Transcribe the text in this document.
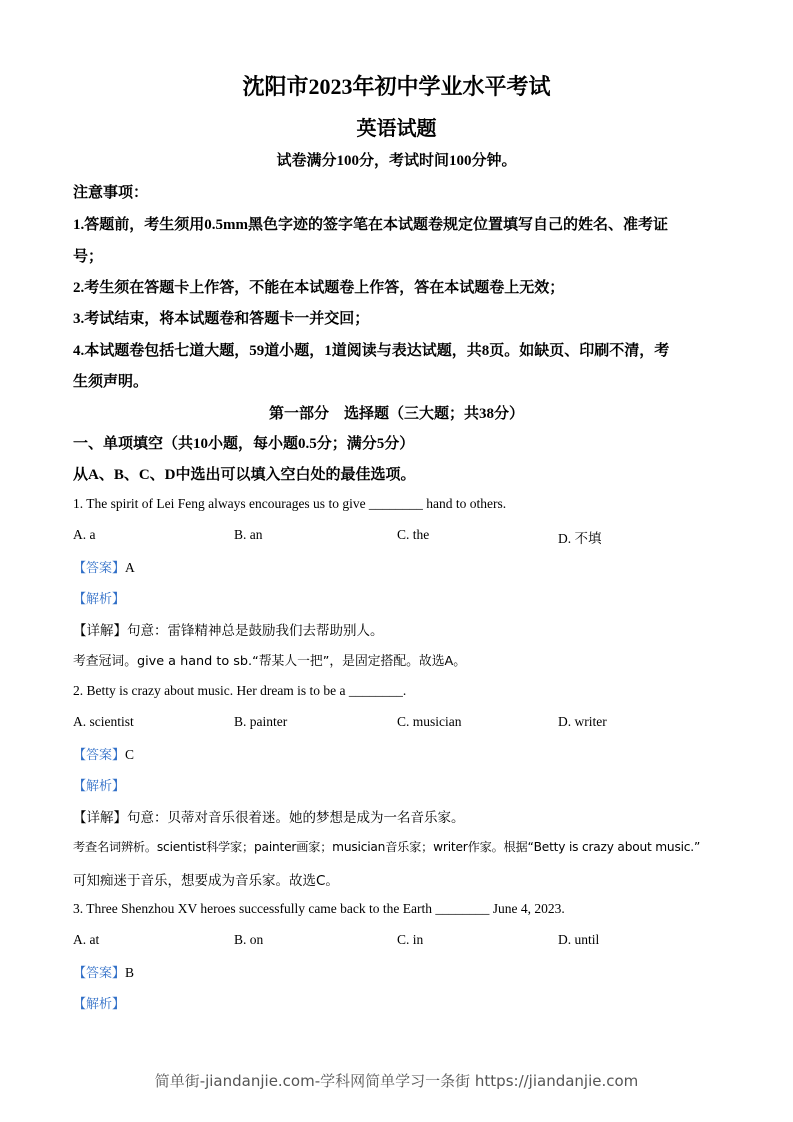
沈阳市2023年初中学业水平考试
英语试题
试卷满分100分，考试时间100分钟。
注意事项：
1.答题前，考生须用0.5mm黑色字迹的签字笔在本试题卷规定位置填写自己的姓名、准考证
号；
2.考生须在答题卡上作答，不能在本试题卷上作答，答在本试题卷上无效；
3.考试结束，将本试题卷和答题卡一并交回；
4.本试题卷包括七道大题，59道小题，1道阅读与表达试题，共8页。如缺页、印刷不清，考
生须声明。
第一部分　选择题（三大题；共38分）
一、单项填空（共10小题，每小题0.5分；满分5分）
从A、B、C、D中选出可以填入空白处的最佳选项。
1. The spirit of Lei Feng always encourages us to give ________ hand to others.
A. a	B. an	C. the	D. 不填
【答案】A
【解析】
【详解】句意：雷锋精神总是鼓励我们去帮助别人。
考查冠词。give a hand to sb.“帮某人一把”，是固定搭配。故选A。
2. Betty is crazy about music. Her dream is to be a ________.
A. scientist	B. painter	C. musician	D. writer
【答案】C
【解析】
【详解】句意：贝蒂对音乐很着迷。她的梦想是成为一名音乐家。
考查名词辨析。scientist科学家；painter画家；musician音乐家；writer作家。根据“Betty is crazy about music.”
可知痴迷于音乐，想要成为音乐家。故选C。
3. Three Shenzhou XV heroes successfully came back to the Earth ________ June 4, 2023.
A. at	B. on	C. in	D. until
【答案】B
【解析】
简单街-jiandanjie.com-学科网简单学习一条街 https://jiandanjie.com
